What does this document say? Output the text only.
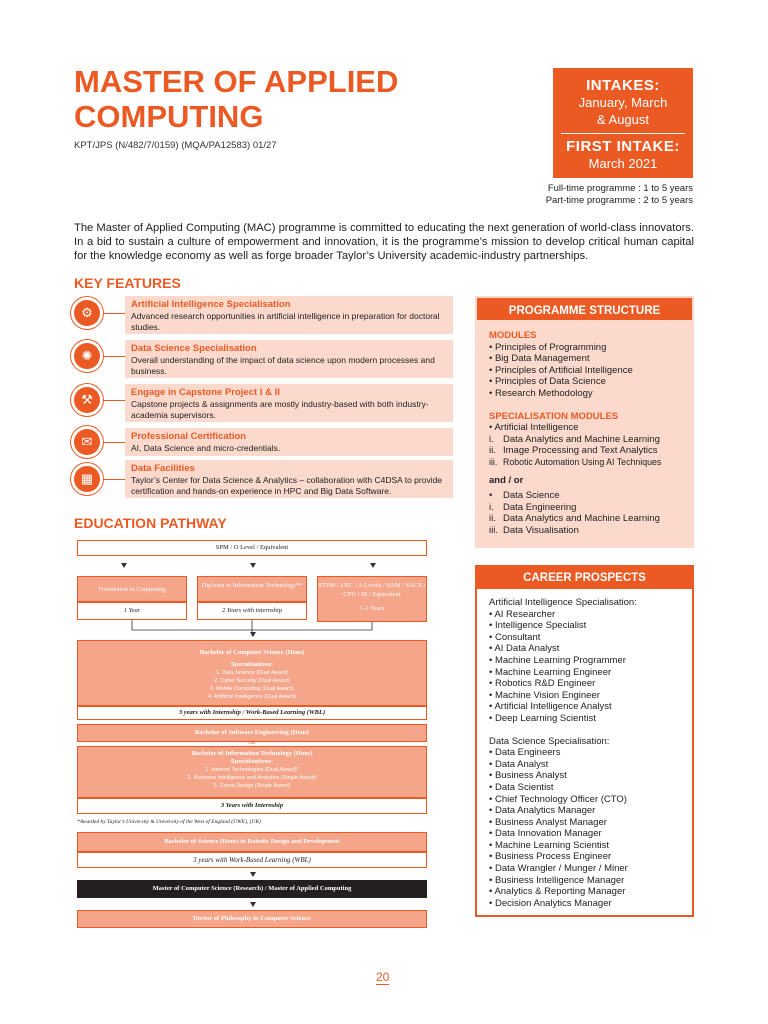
MASTER OF APPLIED COMPUTING
KPT/JPS (N/482/7/0159) (MQA/PA12583) 01/27
INTAKES:
January, March
& August
FIRST INTAKE:
March 2021
Full-time programme : 1 to 5 years
Part-time programme : 2 to 5 years
The Master of Applied Computing (MAC) programme is committed to educating the next generation of world-class innovators. In a bid to sustain a culture of empowerment and innovation, it is the programme’s mission to develop critical human capital for the knowledge economy as well as forge broader Taylor’s University academic-industry partnerships.
KEY FEATURES
⚙
Artificial Intelligence Specialisation
Advanced research opportunities in artificial intelligence in preparation for doctoral studies.
✺	Data Science Specialisation
Overall understanding of the impact of data science upon modern processes and business.
⚒	Engage in Capstone Project I & II
Capstone projects & assignments are mostly industry-based with both industry-academia supervisors.
✉	Professional Certification
AI, Data Science and micro-credentials.
▦
Data Facilities
Taylor’s Center for Data Science & Analytics – collaboration with C4DSA to provide certification and hands-on experience in HPC and Big Data Software.
EDUCATION PATHWAY
SPM / O Level / Equivalent
Foundation in Computing
Diploma in Information Technology**	STPM / UEC / A Levels / SAM / SACE / CPU / IB / Equivalent

1-2 Years
1 Year	2 Years with internship
Bachelor of Computer Science (Hons)
Specialisations:
1. Data Science (Dual Award)
2. Cyber Security (Dual Award)
3. Mobile Computing (Dual Award)
4. Artificial Intelligence (Dual Award)
3 years with Internship / Work-Based Learning (WBL)
Bachelor of Software Engineering (Hons)
OR
Bachelor of Information Technology (Hons)
Specialisations:
1. Internet Technologies (Dual Award)*
2. Business Intelligence and Analytics (Single Award)
3. Game Design (Single Award)
3 Years with Internship
*Awarded by Taylor’s University & University of the West of England (UWE), (UK)
Bachelor of Science (Hons) in Robotic Design and Development
3 years with Work-Based Learning (WBL)
Master of Computer Science (Research) / Master of Applied Computing
Doctor of Philosophy in Computer Science
PROGRAMME STRUCTURE
MODULES
• Principles of Programming
• Big Data Management
• Principles of Artificial Intelligence
• Principles of Data Science
• Research Methodology
SPECIALISATION MODULES
• Artificial Intelligence
i. Data Analytics and Machine Learning
ii. Image Processing and Text Analytics
iii. Robotic Automation Using AI Techniques
and / or
• Data Science
i. Data Engineering
ii. Data Analytics and Machine Learning
iii. Data Visualisation
CAREER PROSPECTS
Artificial Intelligence Specialisation:
• AI Researcher
• Intelligence Specialist
• Consultant
• AI Data Analyst
• Machine Learning Programmer
• Machine Learning Engineer
• Robotics R&D Engineer
• Machine Vision Engineer
• Artificial Intelligence Analyst
• Deep Learning Scientist
Data Science Specialisation:
• Data Engineers
• Data Analyst
• Business Analyst
• Data Scientist
• Chief Technology Officer (CTO)
• Data Analytics Manager
• Business Analyst Manager
• Data Innovation Manager
• Machine Learning Scientist
• Business Process Engineer
• Data Wrangler / Munger / Miner
• Business Intelligence Manager
• Analytics & Reporting Manager
• Decision Analytics Manager
20
